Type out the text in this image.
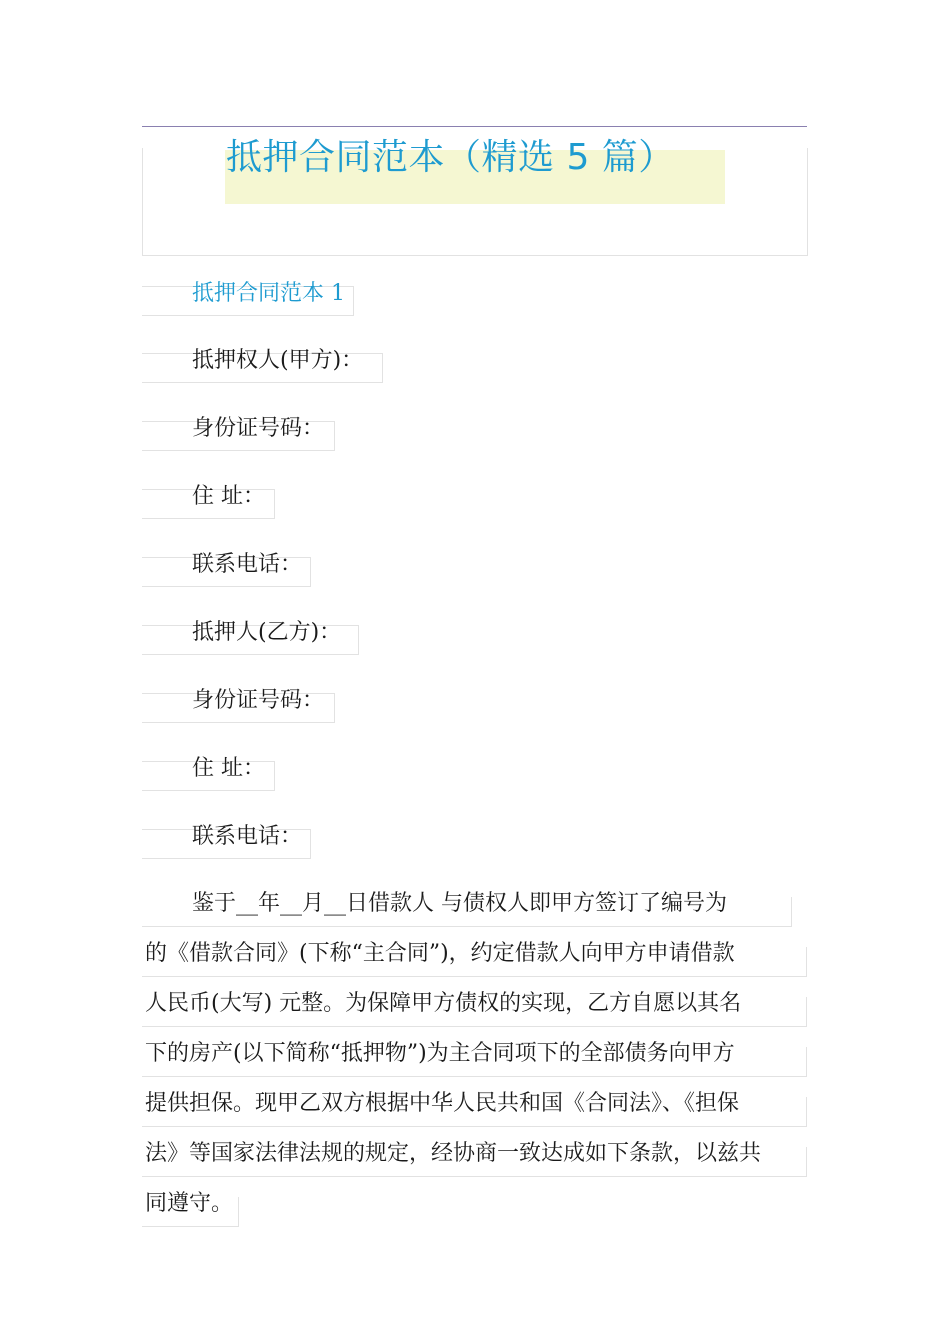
抵押合同范本（精选 5 篇）
抵押合同范本 1
抵押权人(甲方)：
身份证号码：
住 址：
联系电话：
抵押人(乙方)：
身份证号码：
住 址：
联系电话：
鉴于__年__月__日借款人 与债权人即甲方签订了编号为
的《借款合同》(下称“主合同”)，约定借款人向甲方申请借款
人民币(大写) 元整。为保障甲方债权的实现，乙方自愿以其名
下的房产(以下简称“抵押物”)为主合同项下的全部债务向甲方
提供担保。现甲乙双方根据中华人民共和国《合同法》、《担保
法》等国家法律法规的规定，经协商一致达成如下条款，以兹共
同遵守。
